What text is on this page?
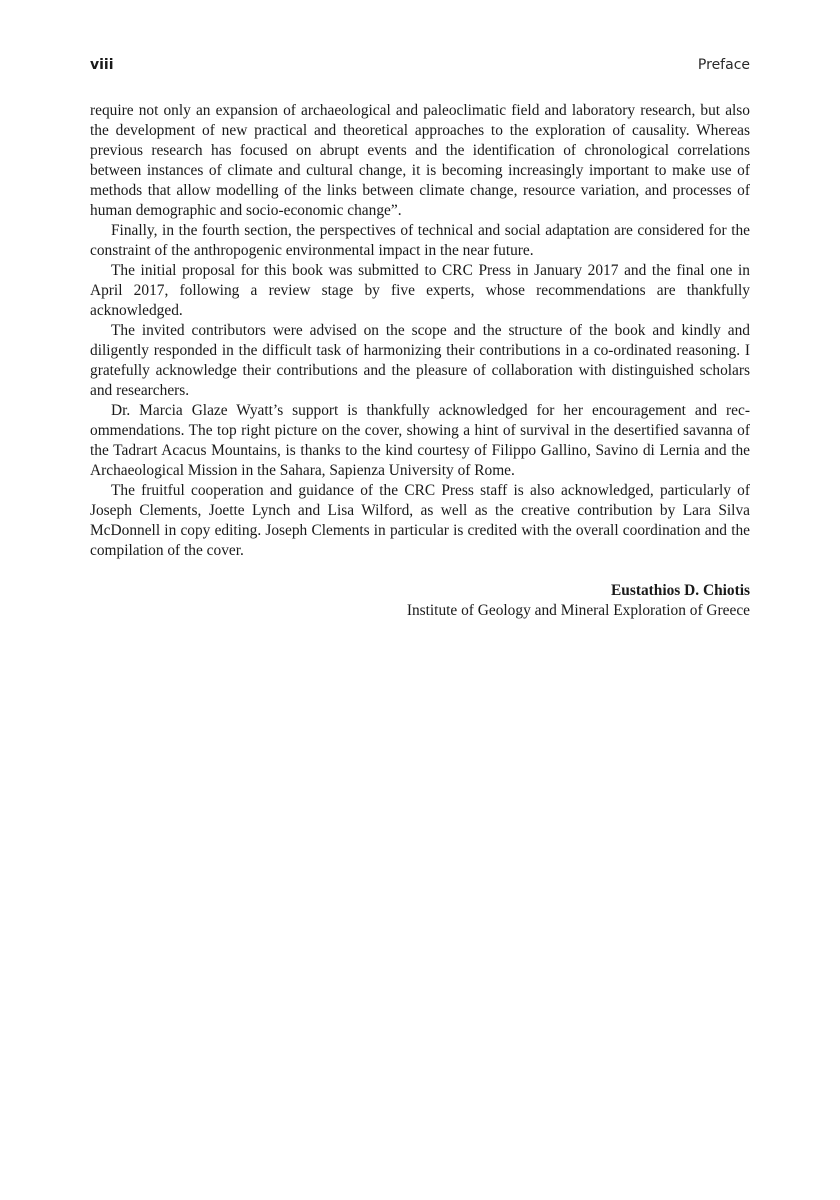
viii	Preface

require not only an expansion of archaeological and paleoclimatic field and laboratory research, but also the development of new practical and theoretical approaches to the exploration of causality. Whereas previous research has focused on abrupt events and the identification of chronological correlations between instances of climate and cultural change, it is becoming increasingly important to make use of methods that allow modelling of the links between climate change, resource variation, and processes of human demographic and socio-economic change”.

Finally, in the fourth section, the perspectives of technical and social adaptation are considered for the constraint of the anthropogenic environmental impact in the near future.

The initial proposal for this book was submitted to CRC Press in January 2017 and the final one in April 2017, following a review stage by five experts, whose recommendations are thankfully acknowledged.

The invited contributors were advised on the scope and the structure of the book and kindly and diligently responded in the difficult task of harmonizing their contributions in a co-ordinated reasoning. I gratefully acknowledge their contributions and the pleasure of collaboration with distinguished scholars and researchers.

Dr. Marcia Glaze Wyatt’s support is thankfully acknowledged for her encouragement and recommendations. The top right picture on the cover, showing a hint of survival in the desertified savanna of the Tadrart Acacus Mountains, is thanks to the kind courtesy of Filippo Gallino, Savino di Lernia and the Archaeological Mission in the Sahara, Sapienza University of Rome.

The fruitful cooperation and guidance of the CRC Press staff is also acknowledged, particularly of Joseph Clements, Joette Lynch and Lisa Wilford, as well as the creative contribution by Lara Silva McDonnell in copy editing. Joseph Clements in particular is credited with the overall coordination and the compilation of the cover.

Eustathios D. Chiotis
Institute of Geology and Mineral Exploration of Greece
